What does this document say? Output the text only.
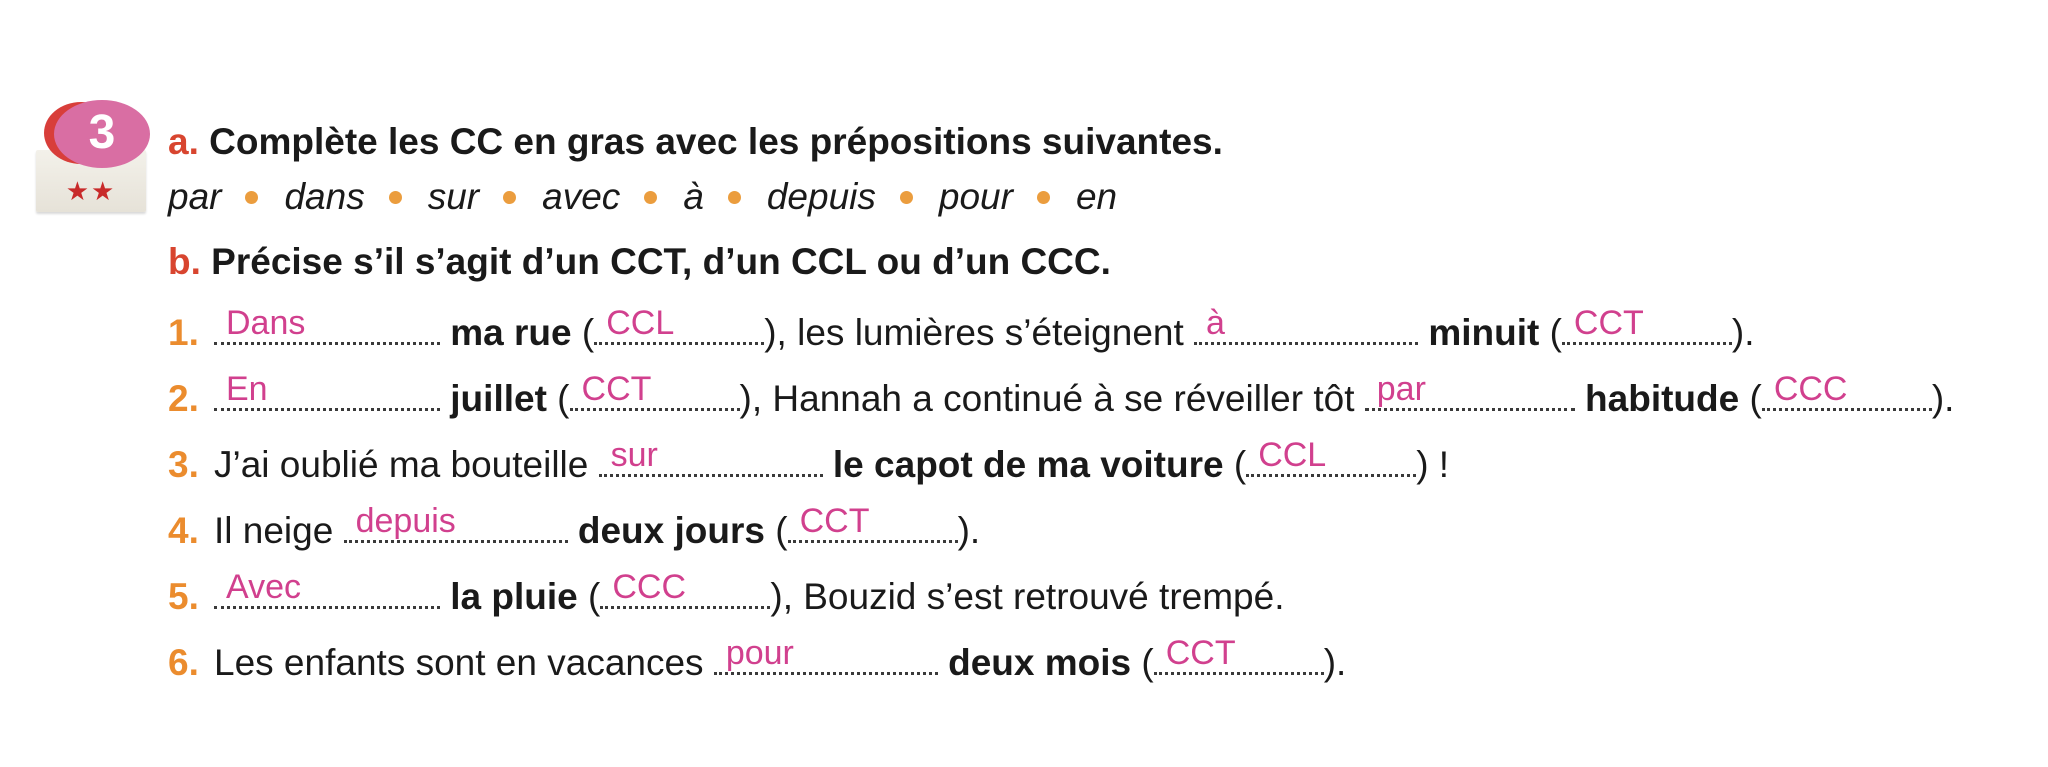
3
★★
a. Complète les CC en gras avec les prépositions suivantes.
par dans sur avec à depuis pour en
b. Précise s’il s’agit d’un CCT, d’un CCL ou d’un CCC.
1. Dans	ma rue ( CCL ), les lumières s’éteignent à	minuit ( CCT ).
2. En	juillet ( CCT ), Hannah a continué à se réveiller tôt par	habitude ( CCC ).
3. J’ai oublié ma bouteille sur	le capot de ma voiture ( CCL ) !
4. Il neige depuis	deux jours ( CCT ).
5. Avec	la pluie ( CCC ), Bouzid s’est retrouvé trempé.
6. Les enfants sont en vacances pour	deux mois ( CCT ).
